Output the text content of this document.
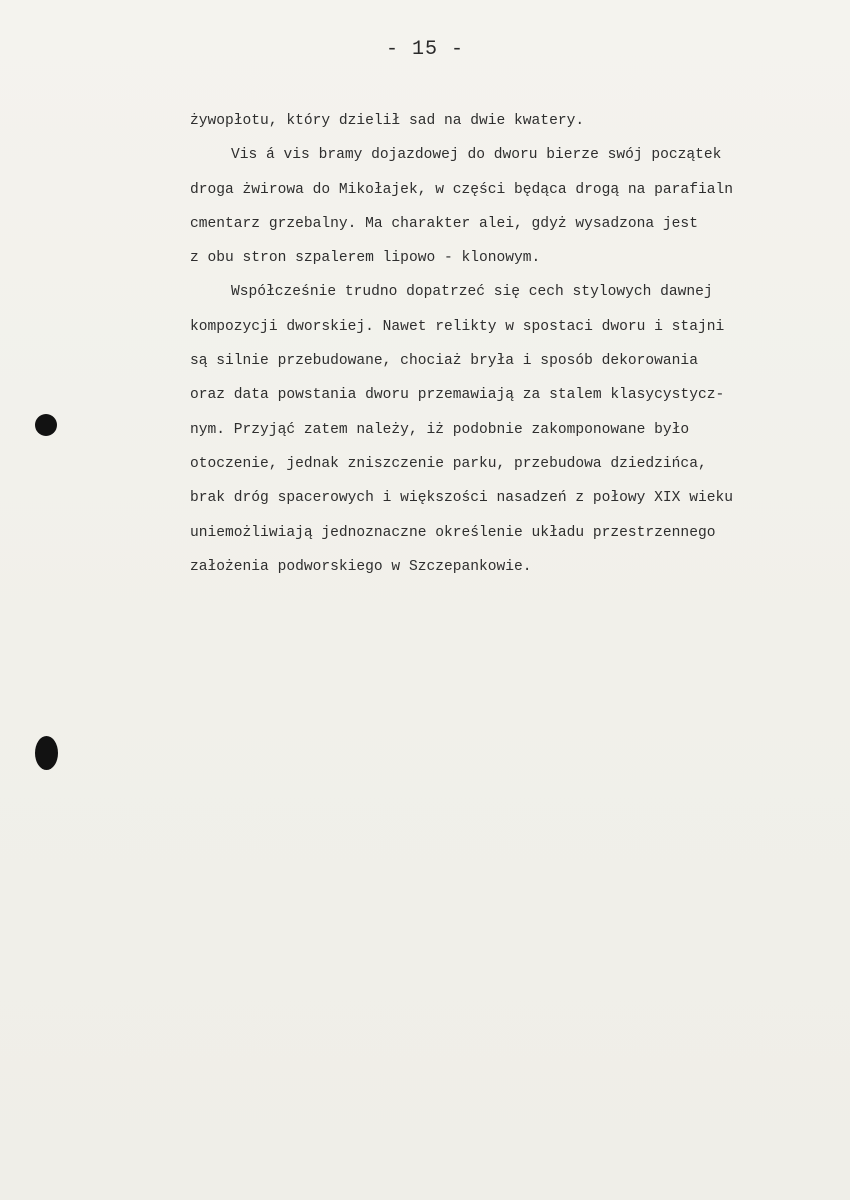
- 15 -
żywopłotu, który dzielił sad na dwie kwatery.
Vis á vis bramy dojazdowej do dworu bierze swój początek
droga żwirowa do Mikołajek, w części będąca drogą na parafialn
cmentarz grzebalny. Ma charakter alei, gdyż wysadzona jest
z obu stron szpalerem lipowo - klonowym.
Współcześnie trudno dopatrzeć się cech stylowych dawnej
kompozycji dworskiej. Nawet relikty w spostaci dworu i stajni
są silnie przebudowane, chociaż bryła i sposób dekorowania
oraz data powstania dworu przemawiają za stalem klasycystycz-
nym. Przyjąć zatem należy, iż podobnie zakomponowane było
otoczenie, jednak zniszczenie parku, przebudowa dziedzińca,
brak dróg spacerowych i większości nasadzeń z połowy XIX wieku
uniemożliwiają jednoznaczne określenie układu przestrzennego
założenia podworskiego w Szczepankowie.
